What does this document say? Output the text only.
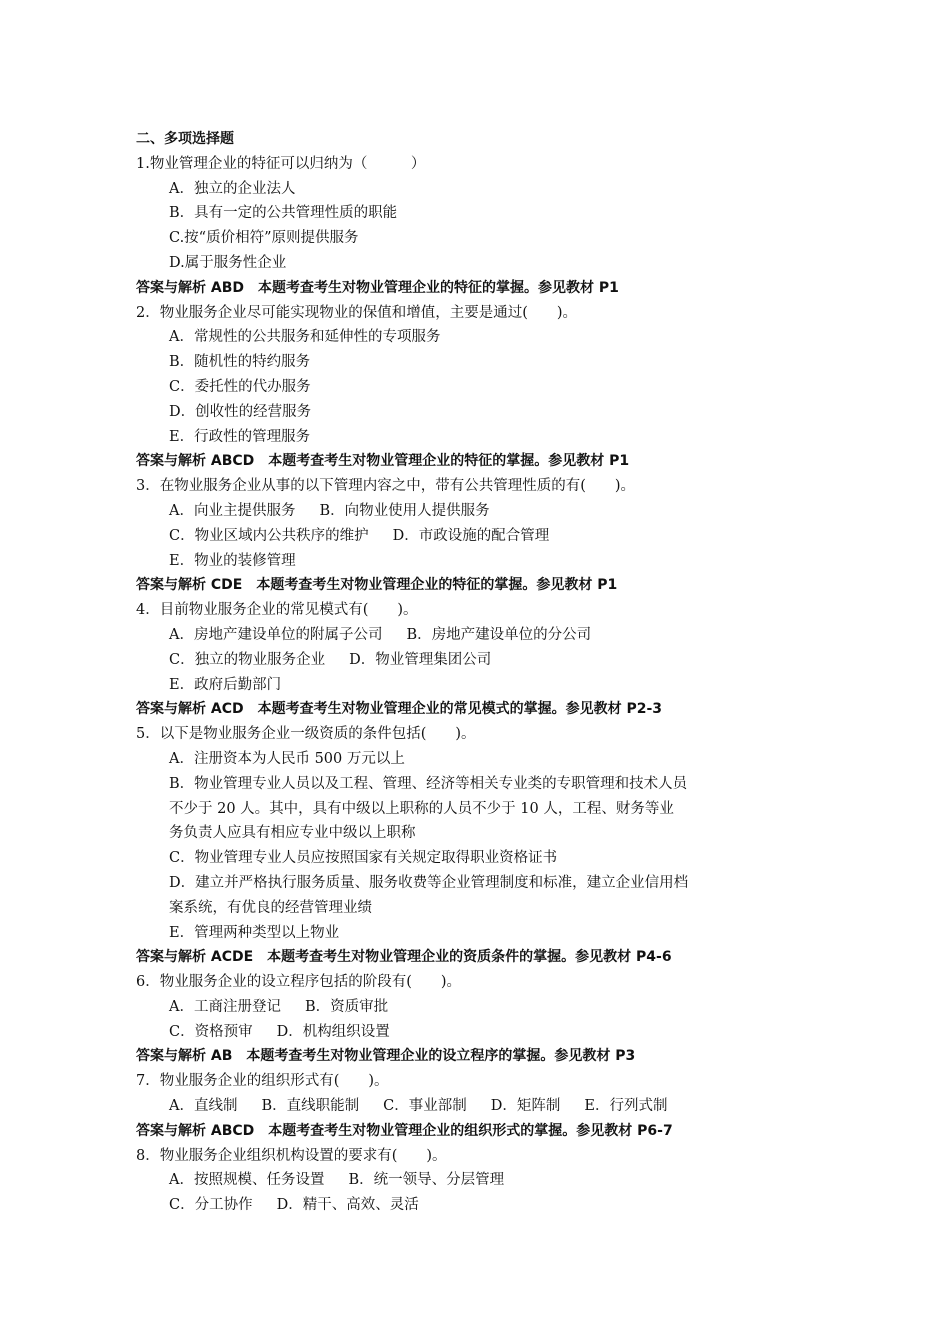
二、多项选择题
1.物业管理企业的特征可以归纳为（　　　）
A．独立的企业法人
B．具有一定的公共管理性质的职能
C.按“质价相符”原则提供服务
D.属于服务性企业
答案与解析 ABD　本题考查考生对物业管理企业的特征的掌握。参见教材 P1
2．物业服务企业尽可能实现物业的保值和增值，主要是通过(　　)。
A．常规性的公共服务和延伸性的专项服务
B．随机性的特约服务
C．委托性的代办服务
D．创收性的经营服务
E．行政性的管理服务
答案与解析 ABCD　本题考查考生对物业管理企业的特征的掌握。参见教材 P1
3．在物业服务企业从事的以下管理内容之中，带有公共管理性质的有(　　)。
A．向业主提供服务 B．向物业使用人提供服务
C．物业区域内公共秩序的维护 D．市政设施的配合管理
E．物业的装修管理
答案与解析 CDE　本题考查考生对物业管理企业的特征的掌握。参见教材 P1
4．目前物业服务企业的常见模式有(　　)。
A．房地产建设单位的附属子公司 B．房地产建设单位的分公司
C．独立的物业服务企业 D．物业管理集团公司
E．政府后勤部门
答案与解析 ACD　本题考查考生对物业管理企业的常见模式的掌握。参见教材 P2-3
5．以下是物业服务企业一级资质的条件包括(　　)。
A．注册资本为人民币 500 万元以上
B．物业管理专业人员以及工程、管理、经济等相关专业类的专职管理和技术人员
不少于 20 人。其中，具有中级以上职称的人员不少于 10 人，工程、财务等业
务负责人应具有相应专业中级以上职称
C．物业管理专业人员应按照国家有关规定取得职业资格证书
D．建立并严格执行服务质量、服务收费等企业管理制度和标准，建立企业信用档
案系统，有优良的经营管理业绩
E．管理两种类型以上物业
答案与解析 ACDE　本题考查考生对物业管理企业的资质条件的掌握。参见教材 P4-6
6．物业服务企业的设立程序包括的阶段有(　　)。
A．工商注册登记 B．资质审批
C．资格预审 D．机构组织设置
答案与解析 AB　本题考查考生对物业管理企业的设立程序的掌握。参见教材 P3
7．物业服务企业的组织形式有(　　)。
A．直线制 B．直线职能制 C．事业部制 D．矩阵制 E．行列式制
答案与解析 ABCD　本题考查考生对物业管理企业的组织形式的掌握。参见教材 P6-7
8．物业服务企业组织机构设置的要求有(　　)。
A．按照规模、任务设置 B．统一领导、分层管理
C．分工协作 D．精干、高效、灵活
